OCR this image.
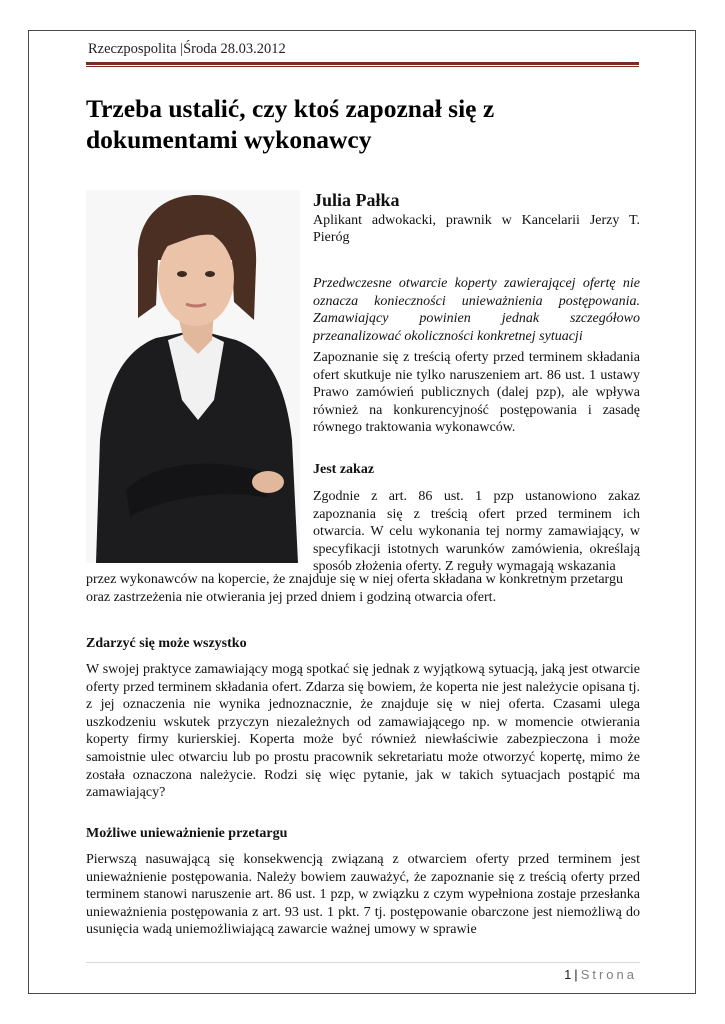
Rzeczpospolita |Środa 28.03.2012
Trzeba ustalić, czy ktoś zapoznał się z dokumentami wykonawcy
Julia Pałka
Aplikant adwokacki, prawnik w Kancelarii Jerzy T. Pieróg
Przedwczesne otwarcie koperty zawierającej ofertę nie oznacza konieczności unieważnienia postępowania. Zamawiający powinien jednak szczegółowo przeanalizować okoliczności konkretnej sytuacji
Zapoznanie się z treścią oferty przed terminem składania ofert skutkuje nie tylko naruszeniem art. 86 ust. 1 ustawy Prawo zamówień publicznych (dalej pzp), ale wpływa również na konkurencyjność postępowania i zasadę równego traktowania wykonawców.
Jest zakaz
Zgodnie z art. 86 ust. 1 pzp ustanowiono zakaz zapoznania się z treścią ofert przed terminem ich otwarcia. W celu wykonania tej normy zamawiający, w specyfikacji istotnych warunków zamówienia, określają sposób złożenia oferty. Z reguły wymagają wskazania
przez wykonawców na kopercie, że znajduje się w niej oferta składana w konkretnym przetargu oraz zastrzeżenia nie otwierania jej przed dniem i godziną otwarcia ofert.
Zdarzyć się może wszystko
W swojej praktyce zamawiający mogą spotkać się jednak z wyjątkową sytuacją, jaką jest otwarcie oferty przed terminem składania ofert. Zdarza się bowiem, że koperta nie jest należycie opisana tj. z jej oznaczenia nie wynika jednoznacznie, że znajduje się w niej oferta. Czasami ulega uszkodzeniu wskutek przyczyn niezależnych od zamawiającego np. w momencie otwierania koperty firmy kurierskiej. Koperta może być również niewłaściwie zabezpieczona i może samoistnie ulec otwarciu lub po prostu pracownik sekretariatu może otworzyć kopertę, mimo że została oznaczona należycie. Rodzi się więc pytanie, jak w takich sytuacjach postąpić ma zamawiający?
Możliwe unieważnienie przetargu
Pierwszą nasuwającą się konsekwencją związaną z otwarciem oferty przed terminem jest unieważnienie postępowania. Należy bowiem zauważyć, że zapoznanie się z treścią oferty przed terminem stanowi naruszenie art. 86 ust. 1 pzp, w związku z czym wypełniona zostaje przesłanka unieważnienia postępowania z art. 93 ust. 1 pkt. 7 tj. postępowanie obarczone jest niemożliwą do usunięcia wadą uniemożliwiającą zawarcie ważnej umowy w sprawie
1 | Strona
